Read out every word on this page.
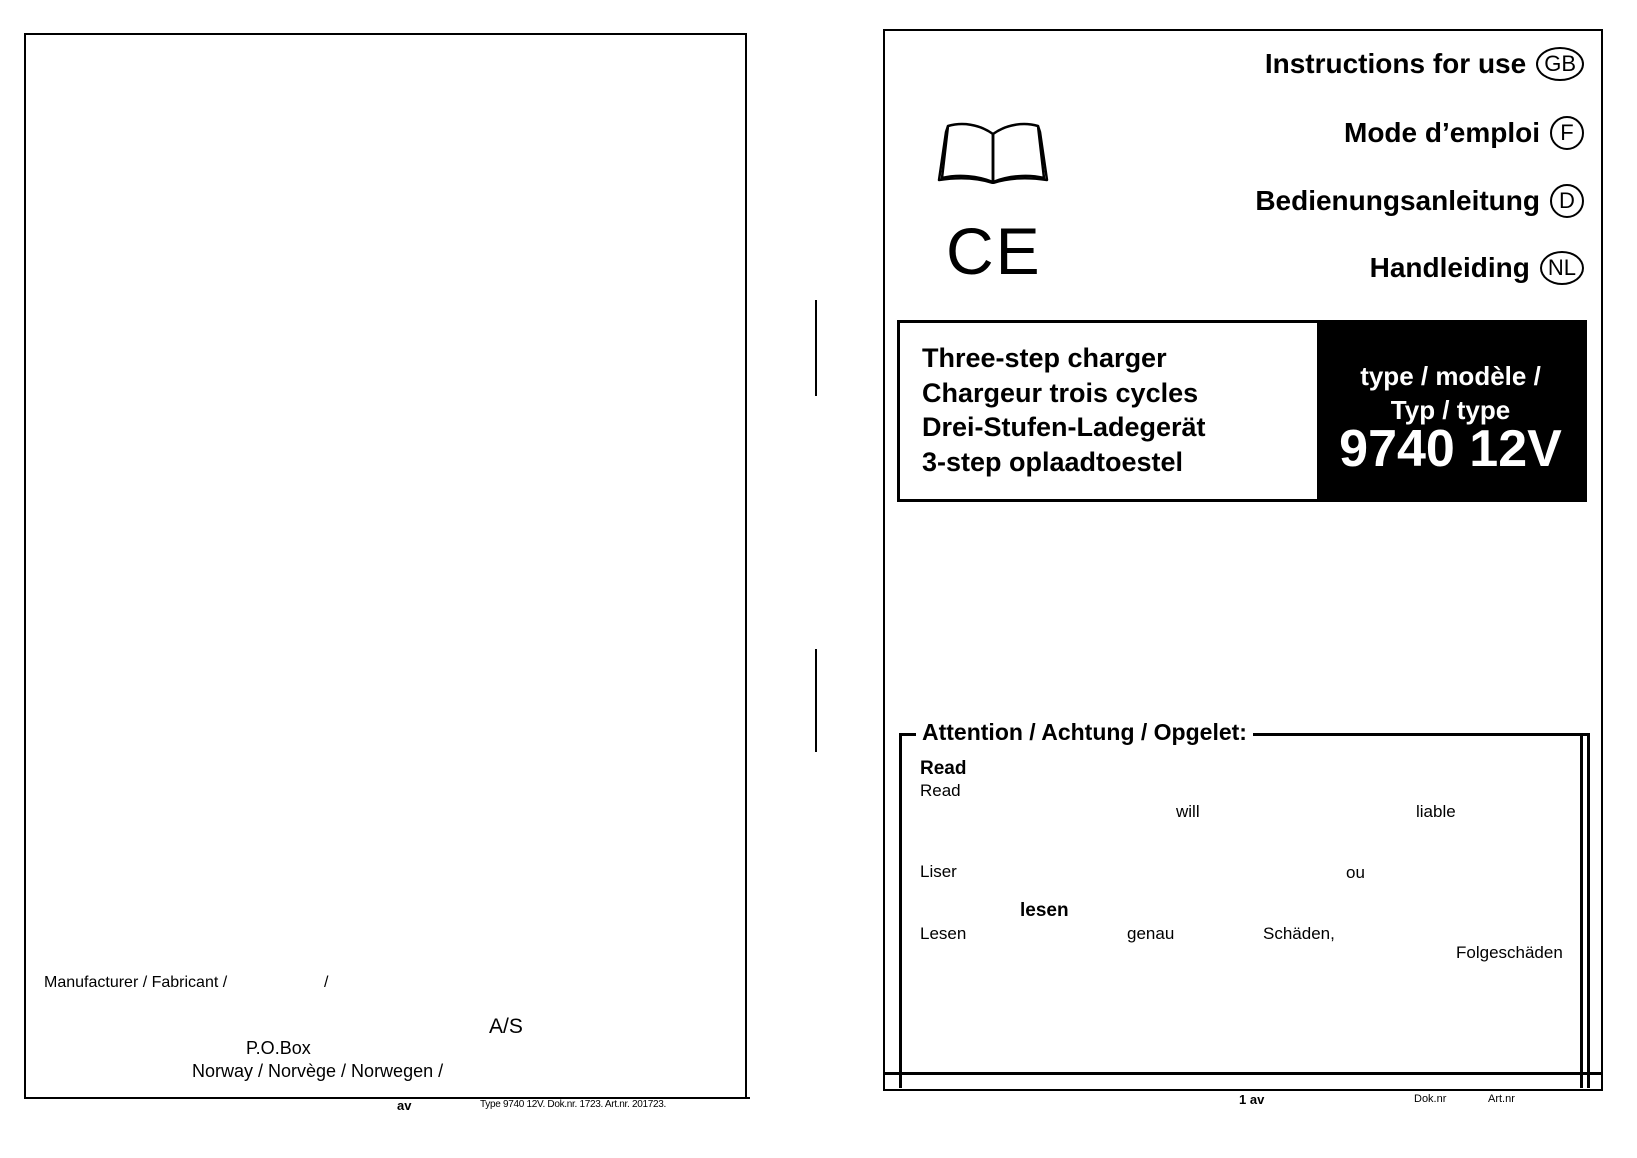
Manufacturer / Fabricant /	/
A/S
P.O.Box
Norway / Norvège / Norwegen /
av	Type 9740 12V. Dok.nr. 1723. Art.nr. 201723.
Instructions for use GB
Mode d’emploi F
Bedienungsanleitung D
Handleiding NL
CE
Three-step charger
Chargeur trois cycles
Drei-Stufen-Ladegerät
3-step oplaadtoestel
type / modèle /
Typ / type
9740 12V
Attention / Achtung / Opgelet:
Read
Read
will	liable
Liser	ou
lesen
Lesen	genau	Schäden,
Folgeschäden
1 av	Dok.nr	Art.nr
